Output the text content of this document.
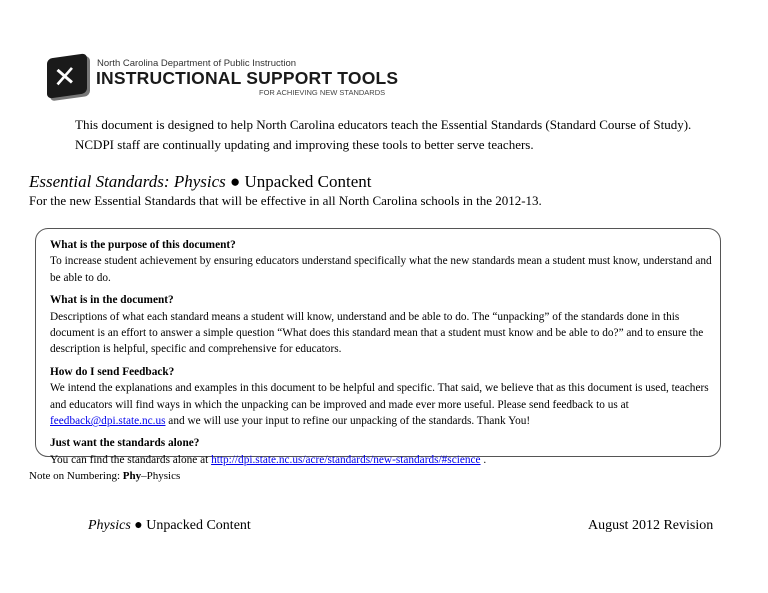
✕ North Carolina Department of Public Instruction
INSTRUCTIONAL SUPPORT TOOLS
FOR ACHIEVING NEW STANDARDS
This document is designed to help North Carolina educators teach the Essential Standards (Standard Course of Study). NCDPI staff are continually updating and improving these tools to better serve teachers.
Essential Standards: Physics ● Unpacked Content
For the new Essential Standards that will be effective in all North Carolina schools in the 2012-13.
What is the purpose of this document?

To increase student achievement by ensuring educators understand specifically what the new standards mean a student must know, understand and be able to do.

What is in the document?

Descriptions of what each standard means a student will know, understand and be able to do. The “unpacking” of the standards done in this document is an effort to answer a simple question “What does this standard mean that a student must know and be able to do?” and to ensure the description is helpful, specific and comprehensive for educators.

How do I send Feedback?

We intend the explanations and examples in this document to be helpful and specific. That said, we believe that as this document is used, teachers and educators will find ways in which the unpacking can be improved and made ever more useful. Please send feedback to us at feedback@dpi.state.nc.us and we will use your input to refine our unpacking of the standards. Thank You!

Just want the standards alone?

You can find the standards alone at http://dpi.state.nc.us/acre/standards/new-standards/#science .

Note on Numbering: Phy–Physics
Physics ● Unpacked Content	August 2012 Revision
